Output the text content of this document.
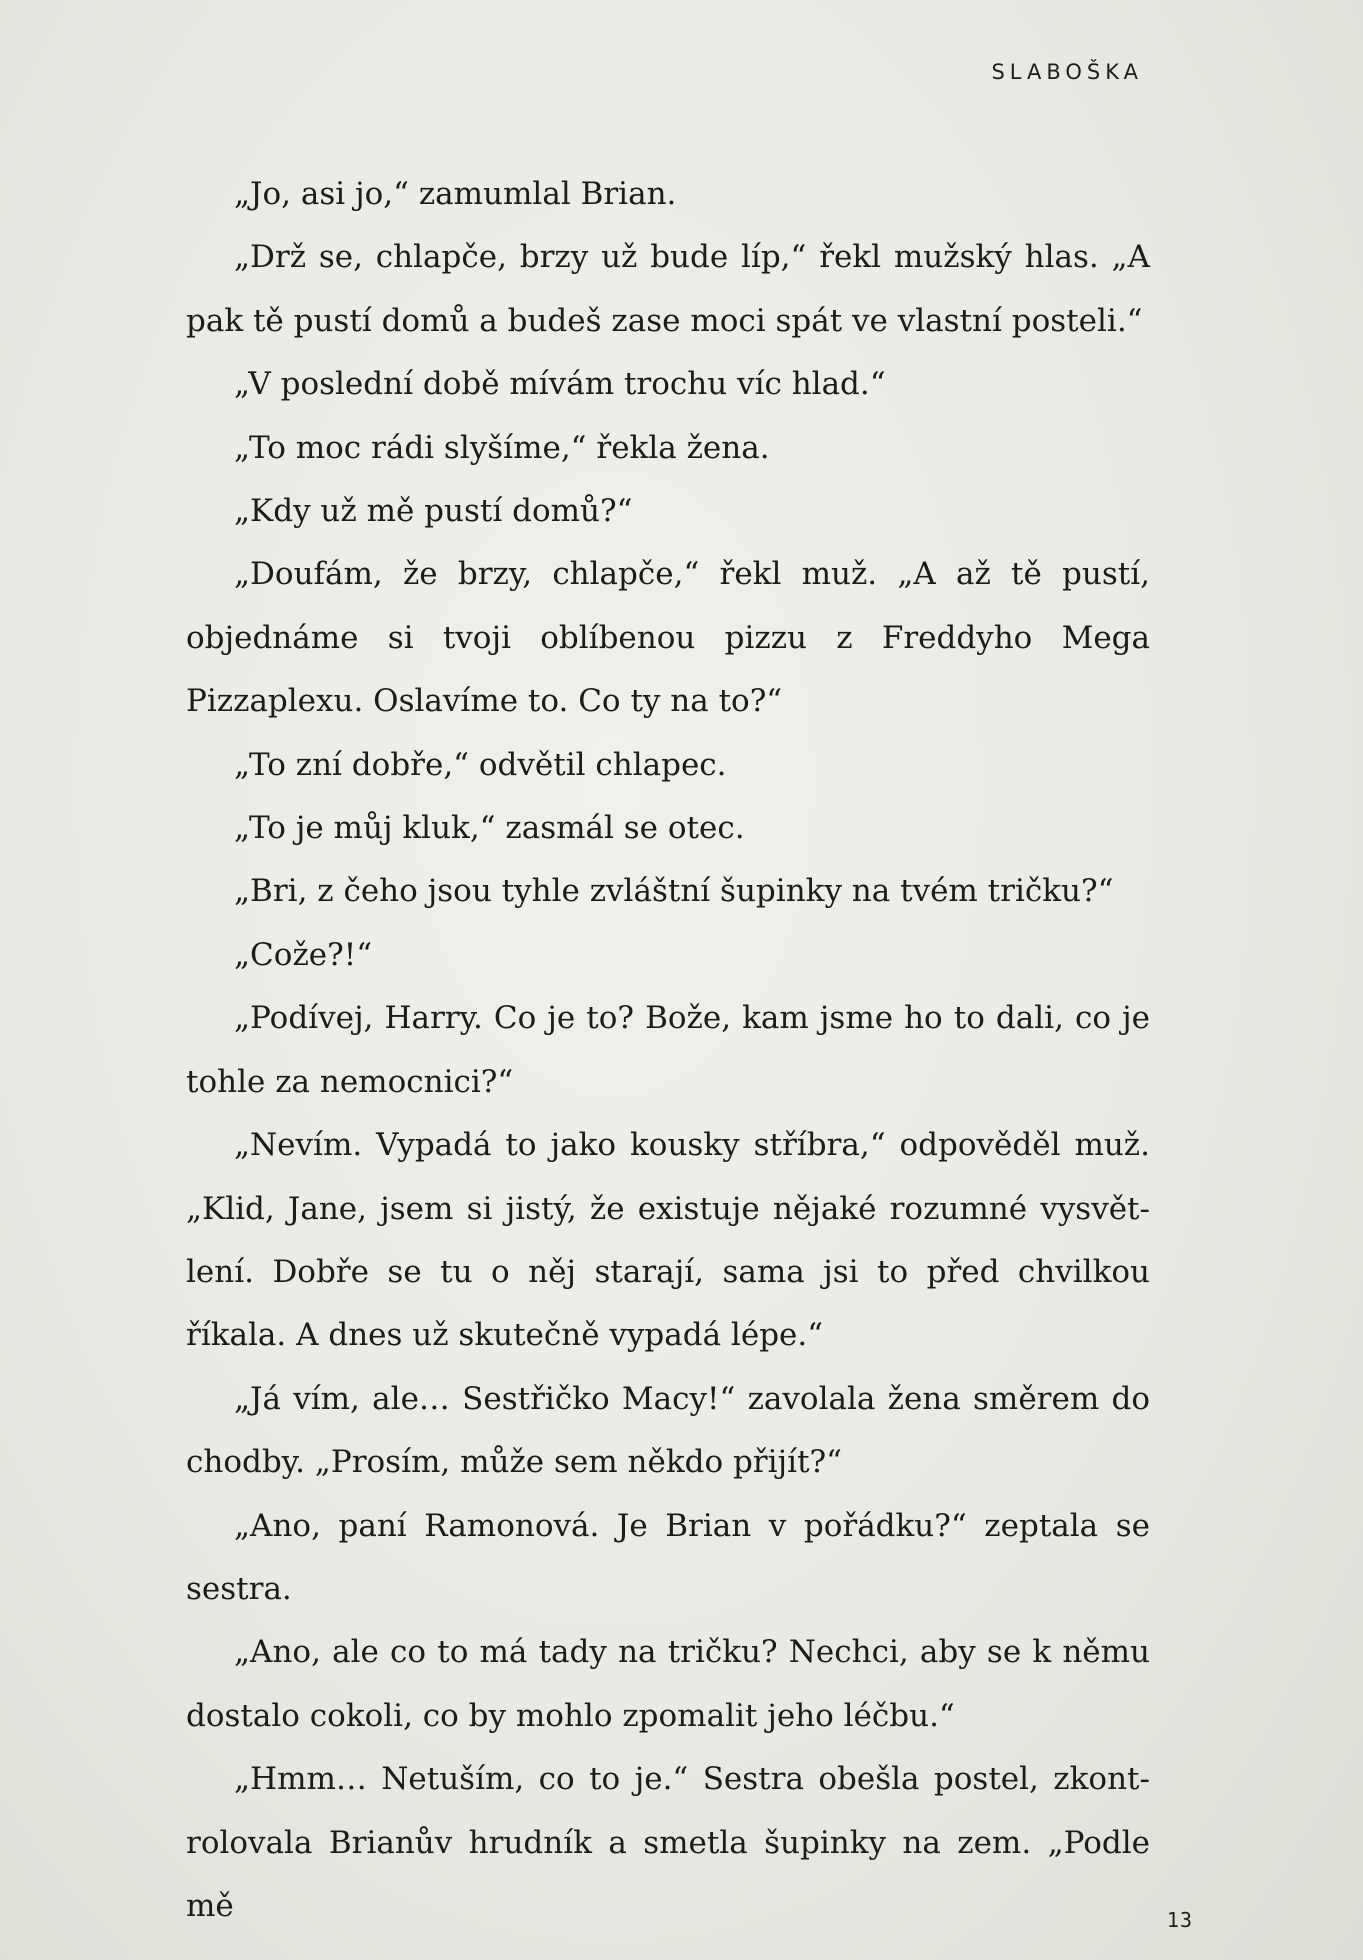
SLABOŠKA

„Jo, asi jo,“ zamumlal Brian.

„Drž se, chlapče, brzy už bude líp,“ řekl mužský hlas. „A pak tě pustí domů a budeš zase moci spát ve vlastní posteli.“

„V poslední době mívám trochu víc hlad.“

„To moc rádi slyšíme,“ řekla žena.

„Kdy už mě pustí domů?“

„Doufám, že brzy, chlapče,“ řekl muž. „A až tě pustí, objednáme si tvoji oblíbenou pizzu z Freddyho Mega Pizzaplexu. Oslavíme to. Co ty na to?“

„To zní dobře,“ odvětil chlapec.

„To je můj kluk,“ zasmál se otec.

„Bri, z čeho jsou tyhle zvláštní šupinky na tvém tričku?“

„Cože?!“

„Podívej, Harry. Co je to? Bože, kam jsme ho to dali, co je tohle za nemocnici?“

„Nevím. Vypadá to jako kousky stříbra,“ odpověděl muž. „Klid, Jane, jsem si jistý, že existuje nějaké rozumné vysvětlení. Dobře se tu o něj starají, sama jsi to před chvilkou říkala. A dnes už skutečně vypadá lépe.“

„Já vím, ale… Sestřičko Macy!“ zavolala žena směrem do chodby. „Prosím, může sem někdo přijít?“

„Ano, paní Ramonová. Je Brian v pořádku?“ zeptala se sestra.

„Ano, ale co to má tady na tričku? Nechci, aby se k němu dostalo cokoli, co by mohlo zpomalit jeho léčbu.“

„Hmm… Netuším, co to je.“ Sestra obešla postel, zkontrolovala Brianův hrudník a smetla šupinky na zem. „Podle mě	13
